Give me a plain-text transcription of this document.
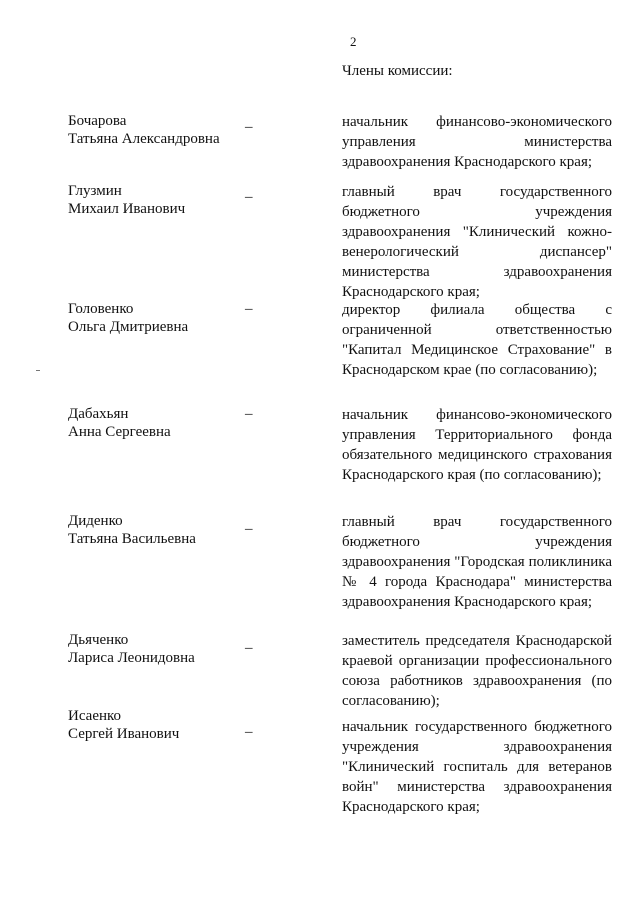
2
Члены комиссии:
Бочарова
Татьяна Александровна
–	начальник финансово-экономического управления министерства здравоохранения Краснодарского края;
Глузмин
Михаил Иванович
–	главный врач государственного бюджетного учреждения здравоохранения "Клинический кожно-венерологический диспансер" министерства здравоохранения Краснодарского края;
Головенко
Ольга Дмитриевна
–	директор филиала общества с ограниченной ответственностью "Капитал Медицинское Страхование" в Краснодарском крае (по согласованию);
Дабахьян
Анна Сергеевна
–	начальник финансово-экономического управления Территориального фонда обязательного медицинского страхования Краснодарского края (по согласованию);
Диденко
Татьяна Васильевна
–	главный врач государственного бюджетного учреждения здравоохранения "Городская поликлиника № 4 города Краснодара" министерства здравоохранения Краснодарского края;
Дьяченко
Лариса Леонидовна
–	заместитель председателя Краснодарской краевой организации профессионального союза работников здравоохранения (по согласованию);
Исаенко
Сергей Иванович	–	начальник государственного бюджетного учреждения здравоохранения "Клинический госпиталь для ветеранов войн" министерства здравоохранения Краснодарского края;
